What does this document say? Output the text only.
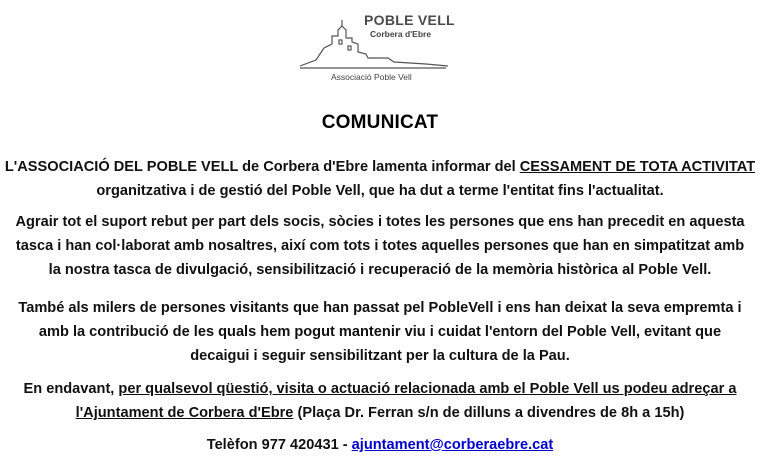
POBLE VELL
Corbera d'Ebre
Associació Poble Vell
COMUNICAT
L'ASSOCIACIÓ DEL POBLE VELL de Corbera d'Ebre lamenta informar del CESSAMENT DE TOTA ACTIVITAT
organitzativa i de gestió del Poble Vell, que ha dut a terme l'entitat fins l'actualitat.
Agrair tot el suport rebut per part dels socis, sòcies i totes les persones que ens han precedit en aquesta
tasca i han col·laborat amb nosaltres, així com tots i totes aquelles persones que han en simpatitzat amb
la nostra tasca de divulgació, sensibilització i recuperació de la memòria històrica al Poble Vell.
També als milers de persones visitants que han passat pel PobleVell i ens han deixat la seva empremta i
amb la contribució de les quals hem pogut mantenir viu i cuidat l'entorn del Poble Vell, evitant que
decaigui i seguir sensibilitzant per la cultura de la Pau.
En endavant, per qualsevol qüestió, visita o actuació relacionada amb el Poble Vell us podeu adreçar a
l'Ajuntament de Corbera d'Ebre (Plaça Dr. Ferran s/n de dilluns a divendres de 8h a 15h)
Telèfon 977 420431 - ajuntament@corberaebre.cat
